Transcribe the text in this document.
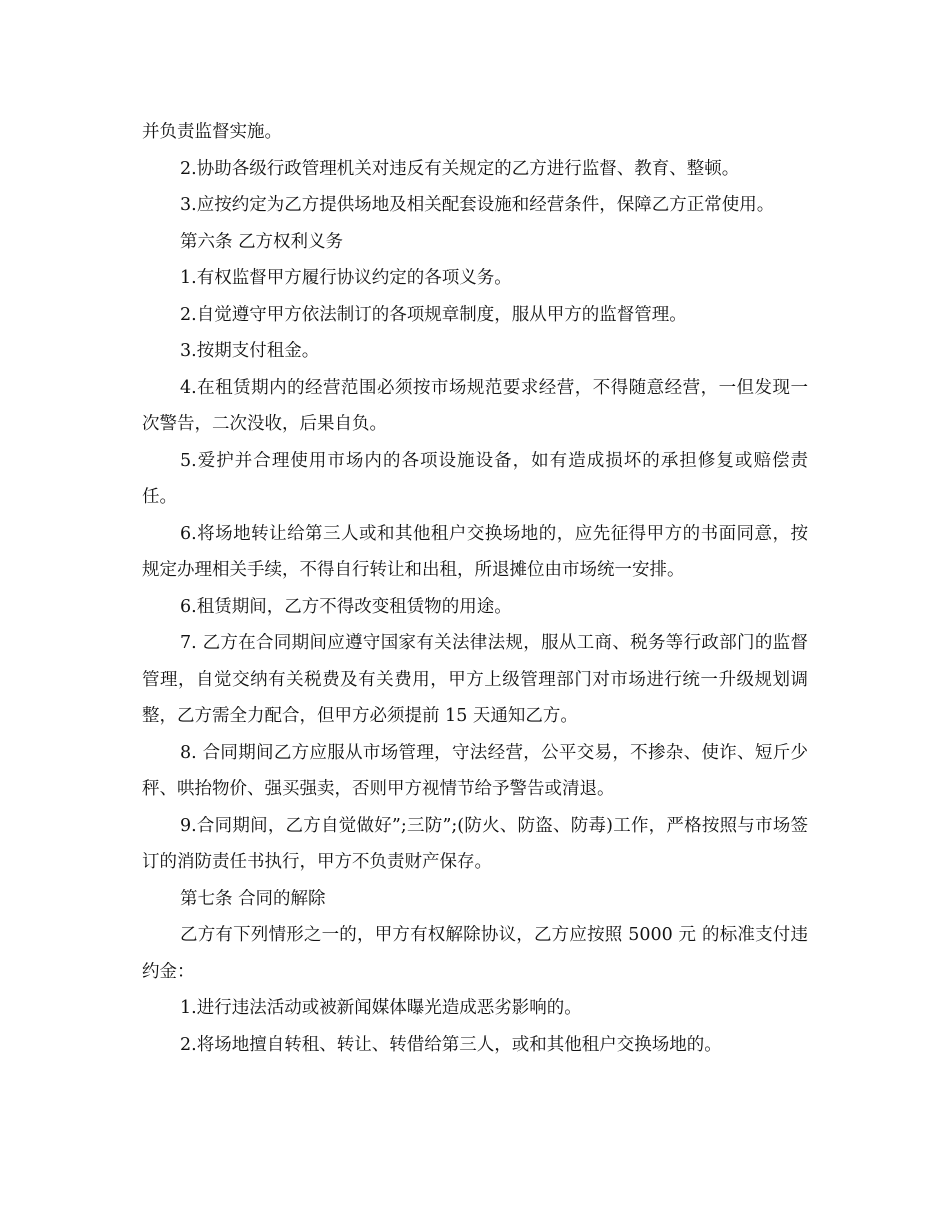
并负责监督实施。

2.协助各级行政管理机关对违反有关规定的乙方进行监督、教育、整顿。

3.应按约定为乙方提供场地及相关配套设施和经营条件，保障乙方正常使用。

第六条 乙方权利义务

1.有权监督甲方履行协议约定的各项义务。

2.自觉遵守甲方依法制订的各项规章制度，服从甲方的监督管理。

3.按期支付租金。

4.在租赁期内的经营范围必须按市场规范要求经营，不得随意经营，一但发现一次警告，二次没收，后果自负。

5.爱护并合理使用市场内的各项设施设备，如有造成损坏的承担修复或赔偿责任。

6.将场地转让给第三人或和其他租户交换场地的，应先征得甲方的书面同意，按规定办理相关手续，不得自行转让和出租，所退摊位由市场统一安排。

6.租赁期间，乙方不得改变租赁物的用途。

7. 乙方在合同期间应遵守国家有关法律法规，服从工商、税务等行政部门的监督管理，自觉交纳有关税费及有关费用，甲方上级管理部门对市场进行统一升级规划调整，乙方需全力配合，但甲方必须提前 15 天通知乙方。

8. 合同期间乙方应服从市场管理，守法经营，公平交易，不掺杂、使诈、短斤少秤、哄抬物价、强买强卖，否则甲方视情节给予警告或清退。

9.合同期间，乙方自觉做好”;三防”;(防火、防盗、防毒)工作，严格按照与市场签订的消防责任书执行，甲方不负责财产保存。

第七条 合同的解除

乙方有下列情形之一的，甲方有权解除协议，乙方应按照 5000 元 的标准支付违约金：

1.进行违法活动或被新闻媒体曝光造成恶劣影响的。

2.将场地擅自转租、转让、转借给第三人，或和其他租户交换场地的。
